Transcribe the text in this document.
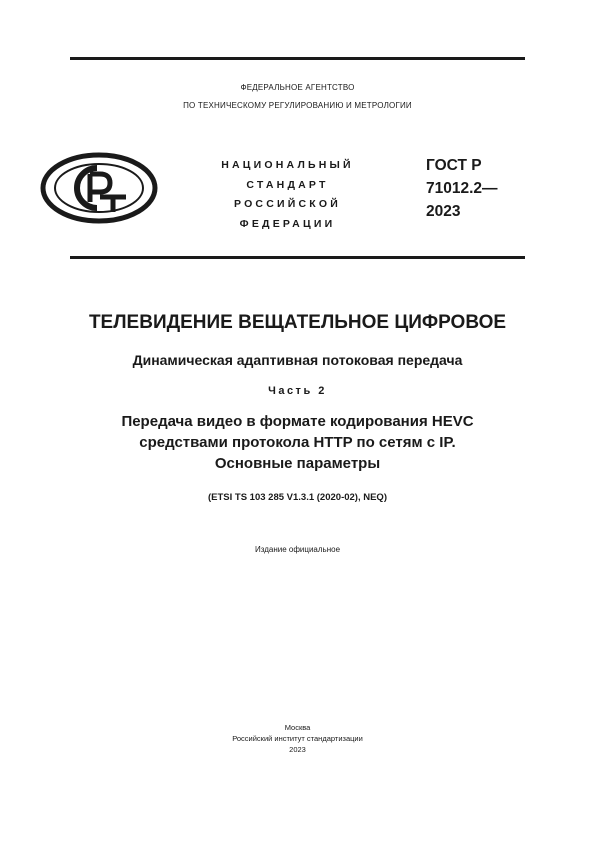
ФЕДЕРАЛЬНОЕ АГЕНТСТВО
ПО ТЕХНИЧЕСКОМУ РЕГУЛИРОВАНИЮ И МЕТРОЛОГИИ
НАЦИОНАЛЬНЫЙ
СТАНДАРТ
РОССИЙСКОЙ
ФЕДЕРАЦИИ
ГОСТ Р
71012.2—
2023
ТЕЛЕВИДЕНИЕ ВЕЩАТЕЛЬНОЕ ЦИФРОВОЕ
Динамическая адаптивная потоковая передача
Часть 2
Передача видео в формате кодирования HEVC
средствами протокола HTTP по сетям с IP.
Основные параметры
(ETSI TS 103 285 V1.3.1 (2020-02), NEQ)
Издание официальное
Москва
Российский институт стандартизации
2023
